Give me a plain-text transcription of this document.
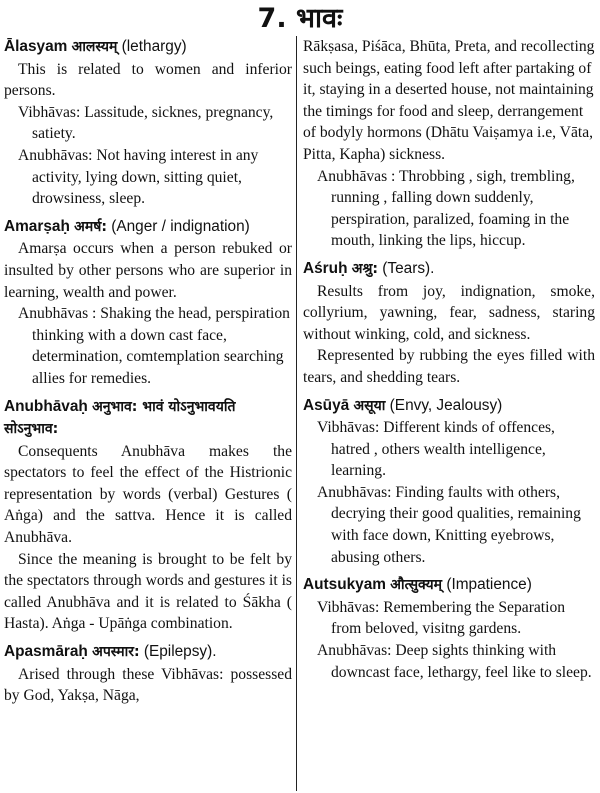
7. भावः

Ālasyam आलस्यम् (lethargy)

This is related to women and inferior persons.

Vibhāvas: Lassitude, sicknes, pregnancy, satiety.

Anubhāvas: Not having interest in any activity, lying down, sitting quiet, drowsiness, sleep.

Amarṣaḥ अमर्ष: (Anger / indignation)

Amarṣa occurs when a person rebuked or insulted by other persons who are superior in learning, wealth and power.

Anubhāvas : Shaking the head, perspiration thinking with a down cast face, determination, comtemplation searching allies for remedies.

Anubhāvaḥ अनुभाव: भावं योऽनुभावयति सोऽनुभाव:

Consequents Anubhāva makes the spectators to feel the effect of the Histrionic representation by words (verbal) Gestures ( Aṅga) and the sattva. Hence it is called Anubhāva.

Since the meaning is brought to be felt by the spectators through words and gestures it is called Anubhāva and it is related to Śākha ( Hasta). Aṅga - Upāṅga combination.

Apasmāraḥ अपस्मार: (Epilepsy).

Arised through these Vibhāvas: possessed by God, Yakṣa, Nāga,

Rākṣasa, Piśāca, Bhūta, Preta, and recollecting such beings, eating food left after partaking of it, staying in a deserted house, not maintaining the timings for food and sleep, derrangement of bodyly hormons (Dhātu Vaiṣamya i.e, Vāta, Pitta, Kapha) sickness.

Anubhāvas : Throbbing , sigh, trembling, running , falling down suddenly, perspiration, paralized, foaming in the mouth, linking the lips, hiccup.

Aśruḥ अश्रु: (Tears).

Results from joy, indignation, smoke, collyrium, yawning, fear, sadness, staring without winking, cold, and sickness.

Represented by rubbing the eyes filled with tears, and shedding tears.

Asūyā असूया (Envy, Jealousy)

Vibhāvas: Different kinds of offences, hatred , others wealth intelligence, learning.

Anubhāvas: Finding faults with others, decrying their good qualities, remaining with face down, Knitting eyebrows, abusing others.

Autsukyam औत्सुक्यम् (Impatience)

Vibhāvas: Remembering the Separation from beloved, visitng gardens.

Anubhāvas: Deep sights thinking with downcast face, lethargy, feel like to sleep.
